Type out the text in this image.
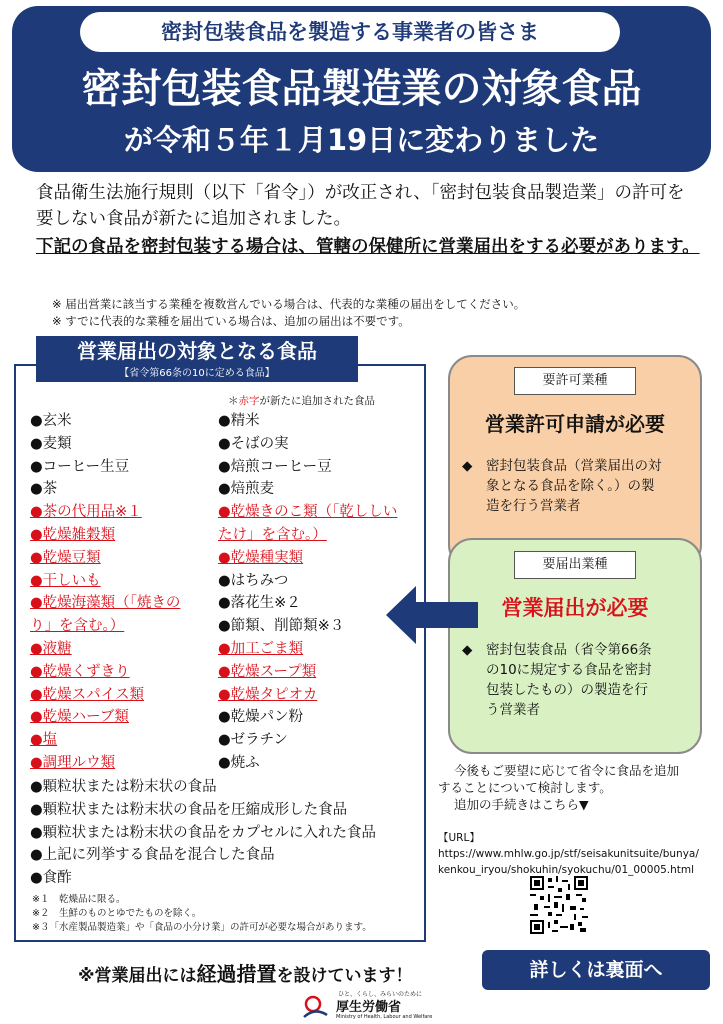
密封包装食品を製造する事業者の皆さま
密封包装食品製造業の対象食品
が令和５年１月19日に変わりました
食品衛生法施行規則（以下「省令」）が改正され、「密封包装食品製造業」の許可を要しない食品が新たに追加されました。
下記の食品を密封包装する場合は、管轄の保健所に営業届出をする必要があります。
※ 届出営業に該当する業種を複数営んでいる場合は、代表的な業種の届出をしてください。
※ すでに代表的な業種を届出ている場合は、追加の届出は不要です。
営業届出の対象となる食品
【省令第66条の10に定める食品】
＊赤字が新たに追加された食品
●玄米
●麦類
●コーヒー生豆
●茶
●茶の代用品※１
●乾燥雑穀類
●乾燥豆類
●干しいも
●乾燥海藻類（「焼きの
り」を含む。）
●液糖
●乾燥くずきり
●乾燥スパイス類
●乾燥ハーブ類
●塩
●調理ルウ類
●精米
●そばの実
●焙煎コーヒー豆
●焙煎麦
●乾燥きのこ類（「乾ししい
たけ」を含む。）
●乾燥種実類
●はちみつ
●落花生※２
●節類、削節類※３
●加工ごま類
●乾燥スープ類
●乾燥タピオカ
●乾燥パン粉
●ゼラチン
●焼ふ
●顆粒状または粉末状の食品
●顆粒状または粉末状の食品を圧縮成形した食品
●顆粒状または粉末状の食品をカプセルに入れた食品
●上記に列挙する食品を混合した食品
●食酢
※１　乾燥品に限る。
※２　生鮮のものとゆでたものを除く。
※３「水産製品製造業」や「食品の小分け業」の許可が必要な場合があります。
要許可業種
営業許可申請が必要
◆ 密封包装食品（営業届出の対
象となる食品を除く。）の製
造を行う営業者
要届出業種
営業届出が必要
◆ 密封包装食品（省令第66条
の10に規定する食品を密封
包装したもの）の製造を行
う営業者
今後もご要望に応じて省令に食品を追加
することについて検討します。
追加の手続きはこちら▼
【URL】
https://www.mhlw.go.jp/stf/seisakunitsuite/bunya/
kenkou_iryou/shokuhin/syokuchu/01_00005.html
※営業届出には経過措置を設けています！	詳しくは裏面へ
ひと、くらし、みらいのために
厚生労働省
Ministry of Health, Labour and Welfare
